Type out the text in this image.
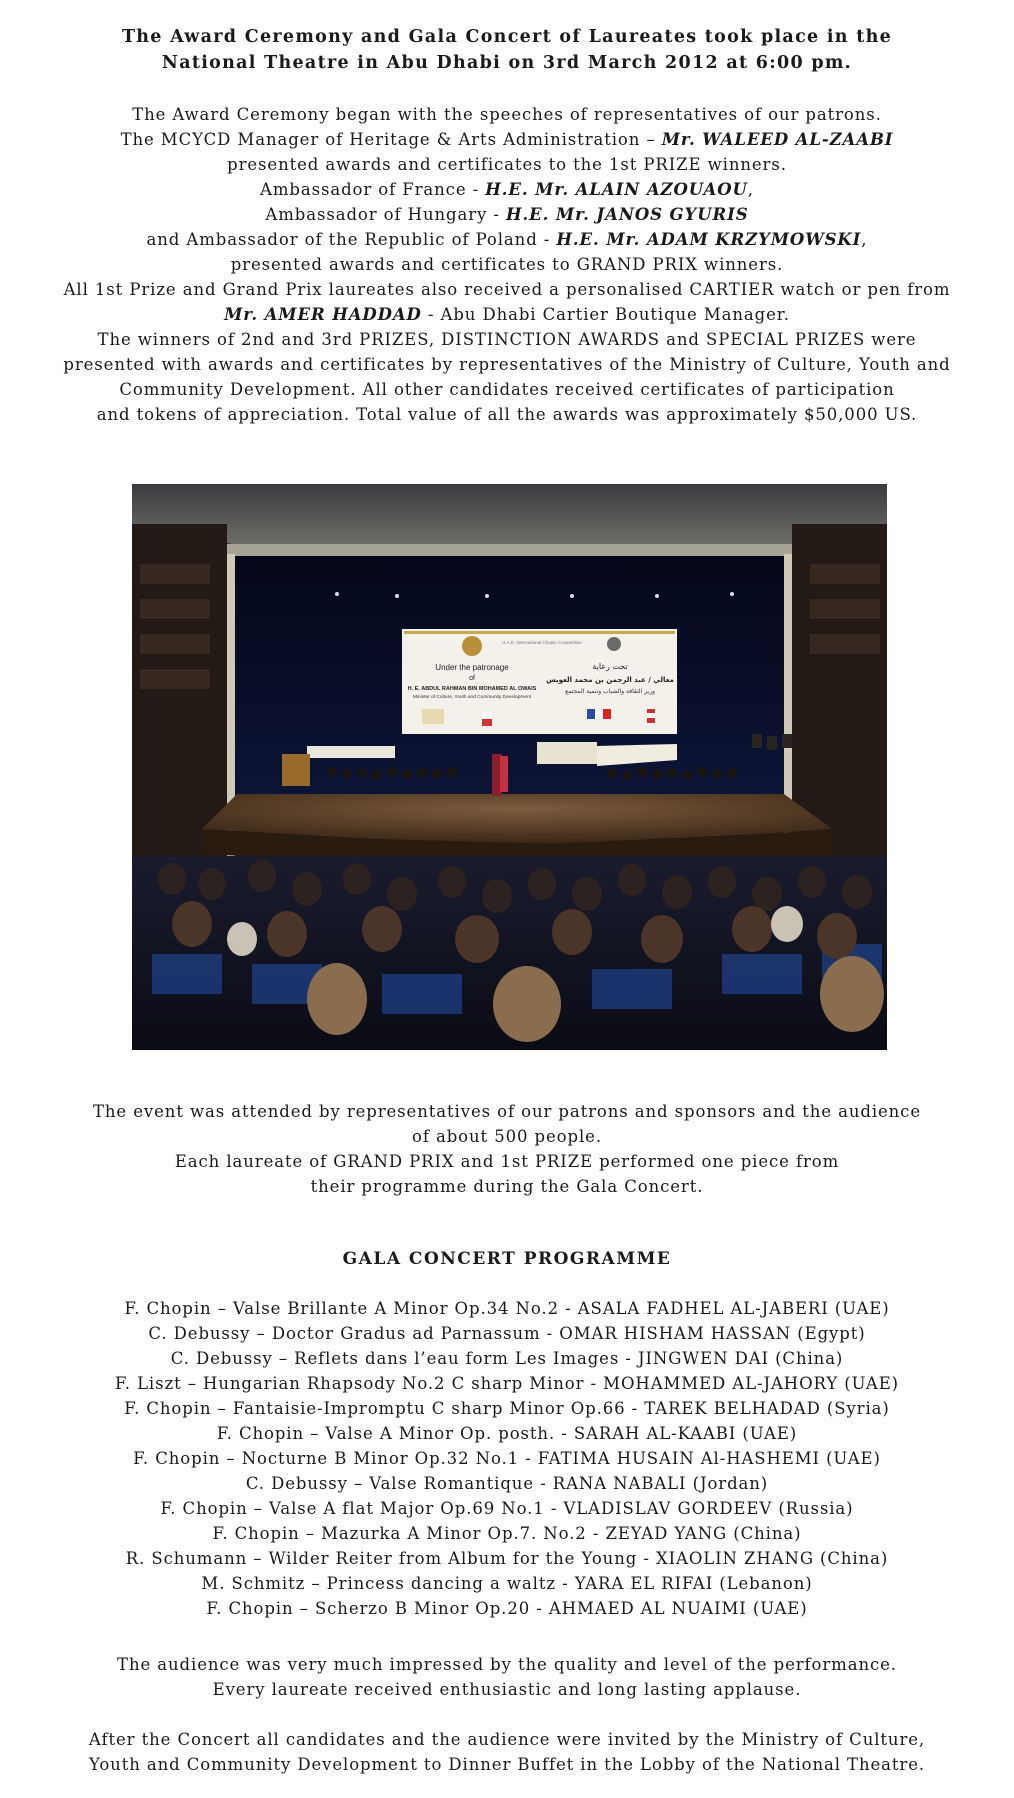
The Award Ceremony and Gala Concert of Laureates took place in the
National Theatre in Abu Dhabi on 3rd March 2012 at 6:00 pm.
The Award Ceremony began with the speeches of representatives of our patrons.
The MCYCD Manager of Heritage & Arts Administration – Mr. WALEED AL-ZAABI
presented awards and certificates to the 1st PRIZE winners.
Ambassador of France - H.E. Mr. ALAIN AZOUAOU,
Ambassador of Hungary - H.E. Mr. JANOS GYURIS
and Ambassador of the Republic of Poland - H.E. Mr. ADAM KRZYMOWSKI,
presented awards and certificates to GRAND PRIX winners.
All 1st Prize and Grand Prix laureates also received a personalised CARTIER watch or pen from
Mr. AMER HADDAD - Abu Dhabi Cartier Boutique Manager.
The winners of 2nd and 3rd PRIZES, DISTINCTION AWARDS and SPECIAL PRIZES were
presented with awards and certificates by representatives of the Ministry of Culture, Youth and
Community Development. All other candidates received certificates of participation
and tokens of appreciation. Total value of all the awards was approximately $50,000 US.
Under the patronage
of
H. E. ABDUL RAHMAN BIN MOHAMED AL OWAIS
Minister of Culture, Youth and Community Development
U.A.E. International Chopin Competition
تحت رعاية
معالي / عبد الرحمن بن محمد العويس
وزير الثقافة والشباب وتنمية المجتمع
The event was attended by representatives of our patrons and sponsors and the audience
of about 500 people.
Each laureate of GRAND PRIX and 1st PRIZE performed one piece from
their programme during the Gala Concert.
GALA CONCERT PROGRAMME
F. Chopin – Valse Brillante A Minor Op.34 No.2 - ASALA FADHEL AL-JABERI (UAE)
C. Debussy – Doctor Gradus ad Parnassum - OMAR HISHAM HASSAN (Egypt)
C. Debussy – Reflets dans l’eau form Les Images - JINGWEN DAI (China)
F. Liszt – Hungarian Rhapsody No.2 C sharp Minor - MOHAMMED AL-JAHORY (UAE)
F. Chopin – Fantaisie-Impromptu C sharp Minor Op.66 - TAREK BELHADAD (Syria)
F. Chopin – Valse A Minor Op. posth. - SARAH AL-KAABI (UAE)
F. Chopin – Nocturne B Minor Op.32 No.1 - FATIMA HUSAIN Al-HASHEMI (UAE)
C. Debussy – Valse Romantique - RANA NABALI (Jordan)
F. Chopin – Valse A flat Major Op.69 No.1 - VLADISLAV GORDEEV (Russia)
F. Chopin – Mazurka A Minor Op.7. No.2 - ZEYAD YANG (China)
R. Schumann – Wilder Reiter from Album for the Young - XIAOLIN ZHANG (China)
M. Schmitz – Princess dancing a waltz - YARA EL RIFAI (Lebanon)
F. Chopin – Scherzo B Minor Op.20 - AHMAED AL NUAIMI (UAE)
The audience was very much impressed by the quality and level of the performance.
Every laureate received enthusiastic and long lasting applause.
After the Concert all candidates and the audience were invited by the Ministry of Culture,
Youth and Community Development to Dinner Buffet in the Lobby of the National Theatre.
